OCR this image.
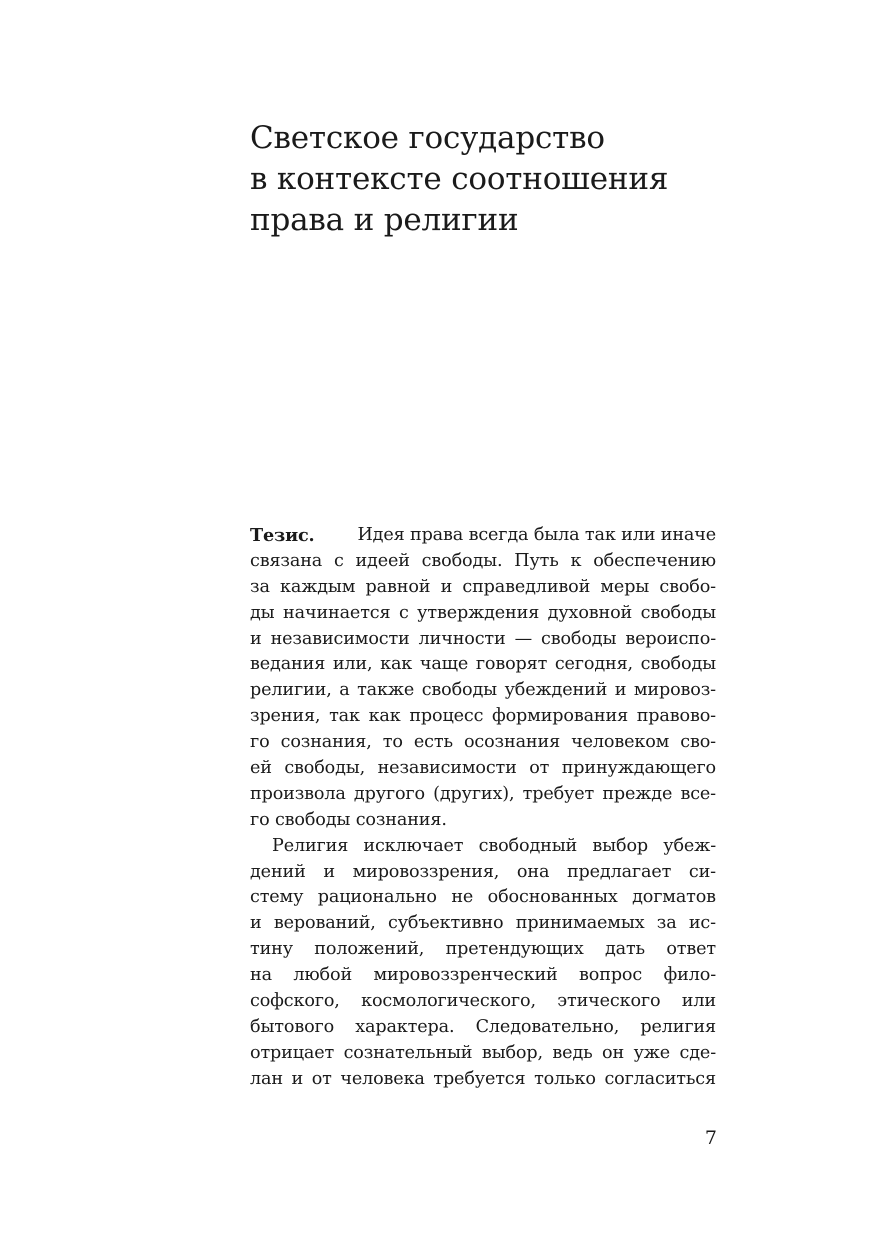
Светское государство
в контексте соотношения
права и религии
Тезис. Идея права всегда была так или иначе
связана с идеей свободы. Путь к обеспечению
за каждым равной и справедливой меры свобо-
ды начинается с утверждения духовной свободы
и независимости личности — свободы вероиспо-
ведания или, как чаще говорят сегодня, свободы
религии, а также свободы убеждений и мировоз-
зрения, так как процесс формирования правово-
го сознания, то есть осознания человеком сво-
ей свободы, независимости от принуждающего
произвола другого (других), требует прежде все-
го свободы сознания.
Религия исключает свободный выбор убеж-
дений и мировоззрения, она предлагает си-
стему рационально не обоснованных догматов
и верований, субъективно принимаемых за ис-
тину положений, претендующих дать ответ
на любой мировоззренческий вопрос фило-
софского, космологического, этического или
бытового характера. Следовательно, религия
отрицает сознательный выбор, ведь он уже сде-
лан и от человека требуется только согласиться
7
